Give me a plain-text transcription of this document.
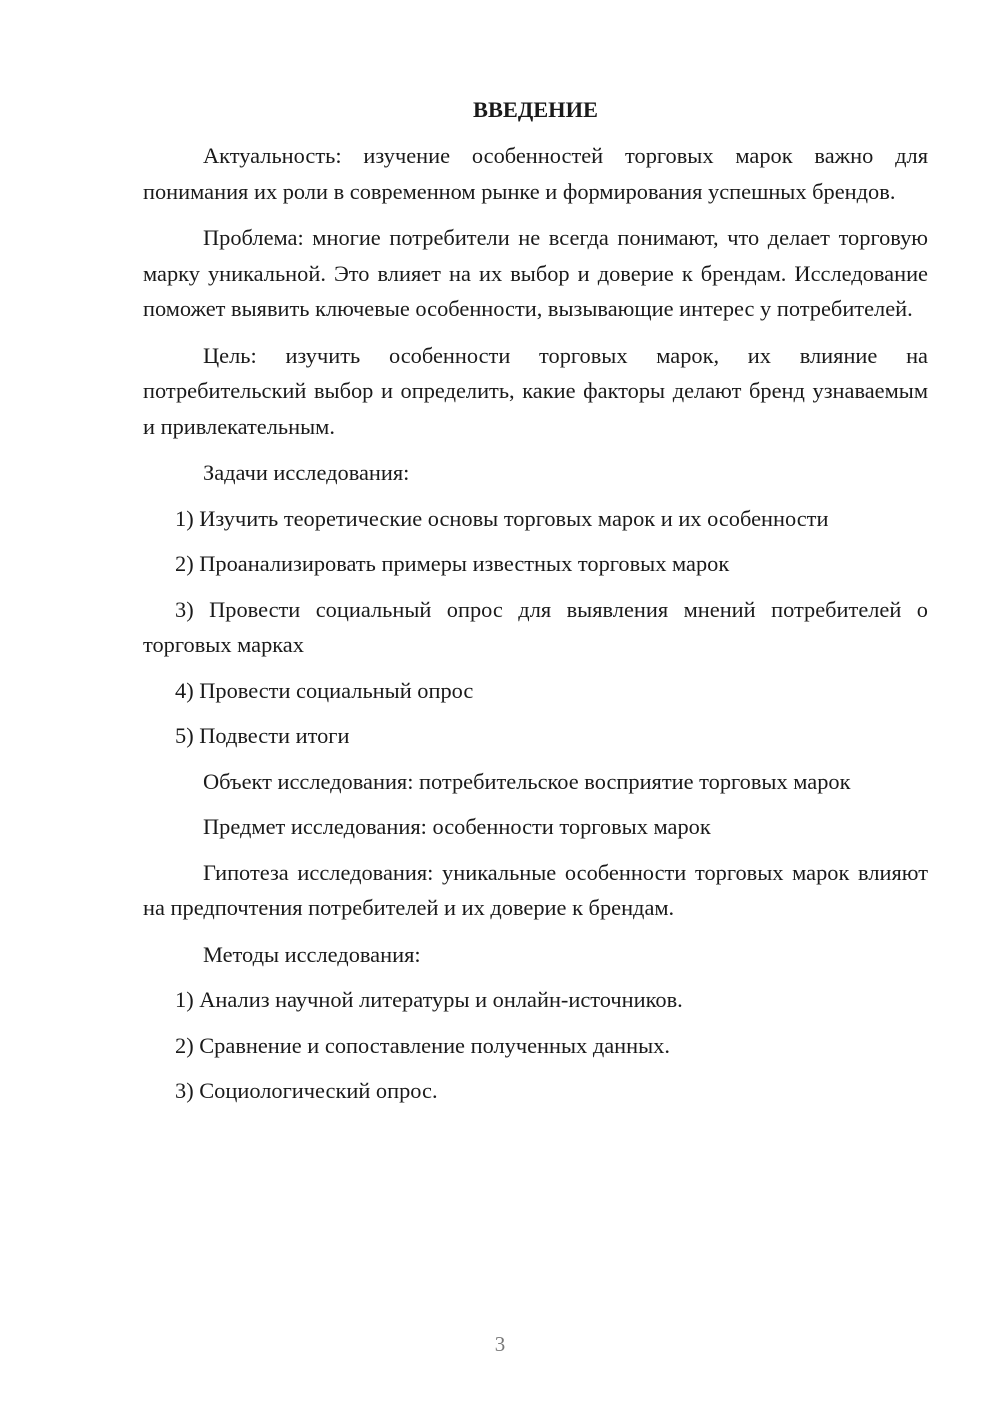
ВВЕДЕНИЕ

Актуальность: изучение особенностей торговых марок важно для понимания их роли в современном рынке и формирования успешных брендов.

Проблема: многие потребители не всегда понимают, что делает торговую марку уникальной. Это влияет на их выбор и доверие к брендам. Исследование поможет выявить ключевые особенности, вызывающие интерес у потребителей.

Цель: изучить особенности торговых марок, их влияние на потребительский выбор и определить, какие факторы делают бренд узнаваемым и привлекательным.

Задачи исследования:

1) Изучить теоретические основы торговых марок и их особенности

2) Проанализировать примеры известных торговых марок

3) Провести социальный опрос для выявления мнений потребителей о торговых марках

4) Провести социальный опрос

5) Подвести итоги

Объект исследования: потребительское восприятие торговых марок

Предмет исследования: особенности торговых марок

Гипотеза исследования: уникальные особенности торговых марок влияют на предпочтения потребителей и их доверие к брендам.

Методы исследования:

1) Анализ научной литературы и онлайн-источников.

2) Сравнение и сопоставление полученных данных.

3) Социологический опрос.

3
